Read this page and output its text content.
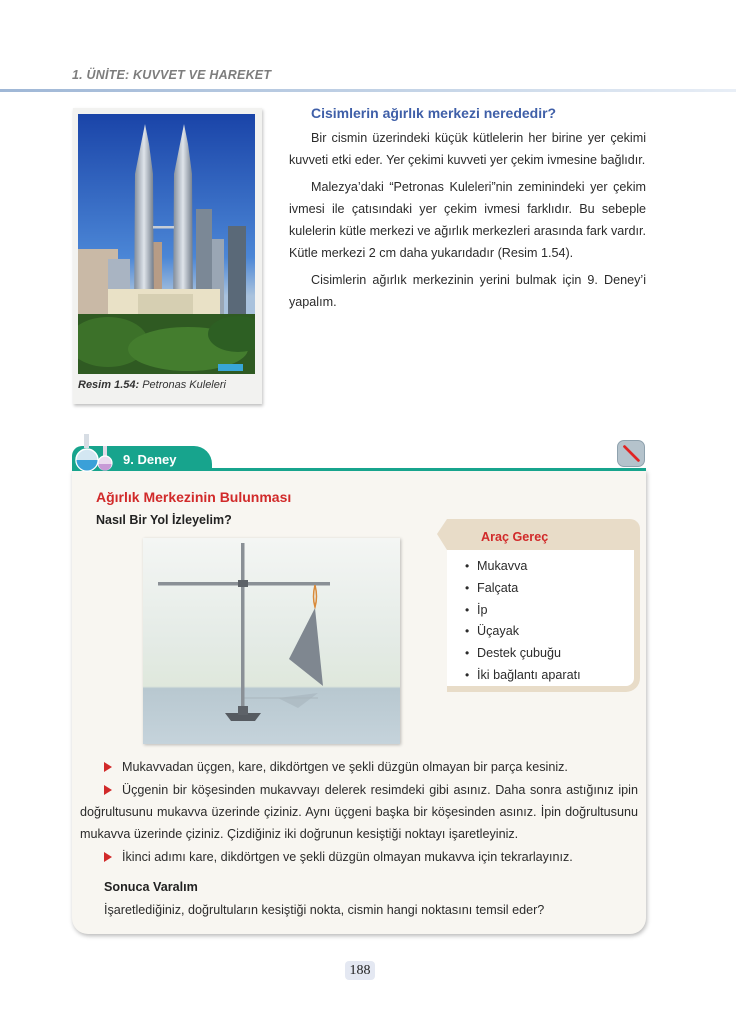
1. ÜNİTE: KUVVET VE HAREKET
Resim 1.54: Petronas Kuleleri
Cisimlerin ağırlık merkezi nerededir?

Bir cismin üzerindeki küçük kütlelerin her birine yer çekimi kuvveti etki eder. Yer çekimi kuvveti yer çekim ivmesine bağlıdır.

Malezya’daki “Petronas Kuleleri”nin zeminindeki yer çekim ivmesi ile çatısındaki yer çekim ivmesi farklıdır. Bu sebeple kulelerin kütle merkezi ve ağırlık merkezleri arasında fark vardır. Kütle merkezi 2 cm daha yukarıdadır (Resim 1.54).

Cisimlerin ağırlık merkezinin yerini bulmak için 9. Deney’i yapalım.

9. Deney
Ağırlık Merkezinin Bulunması
Nasıl Bir Yol İzleyelim?
Araç Gereç
• Mukavva
• Falçata
• İp
• Üçayak
• Destek çubuğu
• İki bağlantı aparatı

Mukavvadan üçgen, kare, dikdörtgen ve şekli düzgün olmayan bir parça kesiniz.

Üçgenin bir köşesinden mukavvayı delerek resimdeki gibi asınız. Daha sonra astığınız ipin doğrultusunu mukavva üzerinde çiziniz. Aynı üçgeni başka bir köşesinden asınız. İpin doğrultusunu mukavva üzerinde çiziniz. Çizdiğiniz iki doğrunun kesiştiği noktayı işaretleyiniz.

İkinci adımı kare, dikdörtgen ve şekli düzgün olmayan mukavva için tekrarlayınız.

Sonuca Varalım
İşaretlediğiniz, doğrultuların kesiştiği nokta, cismin hangi noktasını temsil eder?
188
